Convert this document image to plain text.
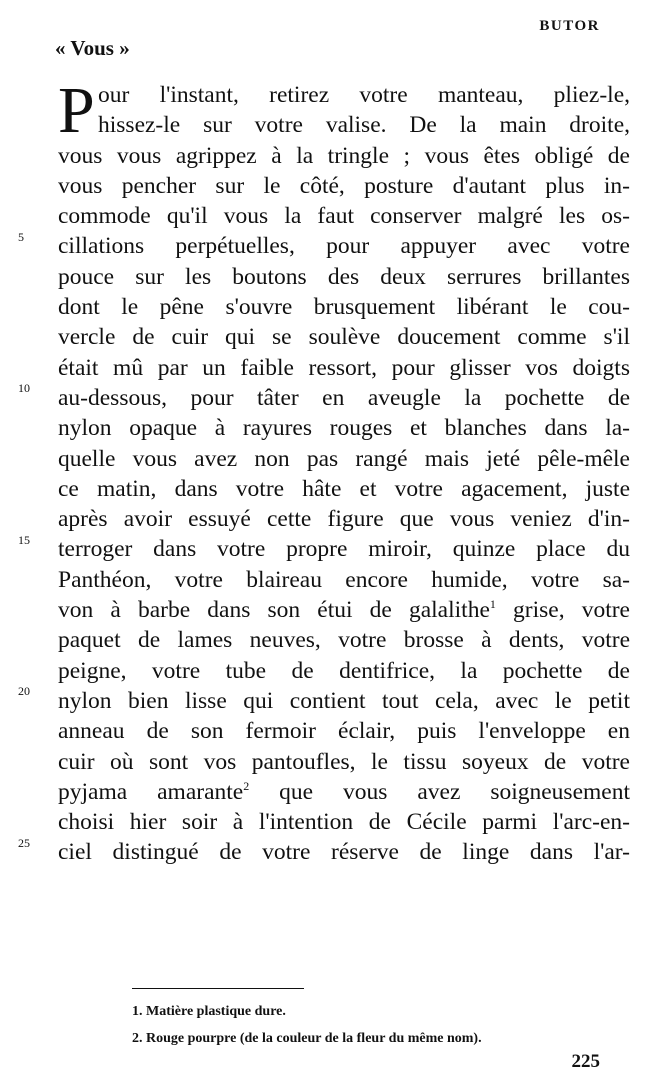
BUTOR
« Vous »
5
10
15
20
25
P our l'instant, retirez votre manteau, pliez-le,
hissez-le sur votre valise. De la main droite,
vous vous agrippez à la tringle ; vous êtes obligé de
vous pencher sur le côté, posture d'autant plus in-
commode qu'il vous la faut conserver malgré les os-
cillations perpétuelles, pour appuyer avec votre
pouce sur les boutons des deux serrures brillantes
dont le pêne s'ouvre brusquement libérant le cou-
vercle de cuir qui se soulève doucement comme s'il
était mû par un faible ressort, pour glisser vos doigts
au-dessous, pour tâter en aveugle la pochette de
nylon opaque à rayures rouges et blanches dans la-
quelle vous avez non pas rangé mais jeté pêle-mêle
ce matin, dans votre hâte et votre agacement, juste
après avoir essuyé cette figure que vous veniez d'in-
terroger dans votre propre miroir, quinze place du
Panthéon, votre blaireau encore humide, votre sa-
von à barbe dans son étui de galalithe$^1$ grise, votre
paquet de lames neuves, votre brosse à dents, votre
peigne, votre tube de dentifrice, la pochette de
nylon bien lisse qui contient tout cela, avec le petit
anneau de son fermoir éclair, puis l'enveloppe en
cuir où sont vos pantoufles, le tissu soyeux de votre
pyjama amarante$^2$ que vous avez soigneusement
choisi hier soir à l'intention de Cécile parmi l'arc-en-
ciel distingué de votre réserve de linge dans l'ar-
1. Matière plastique dure.
2. Rouge pourpre (de la couleur de la fleur du même nom).
225
